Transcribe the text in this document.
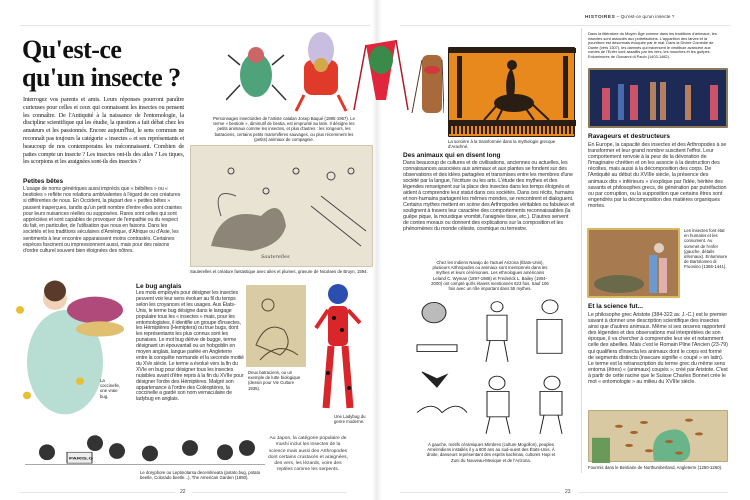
Qu'est-ce
qu'un insecte ?
Interrogez vos parents et amis. Leurs réponses pourront paraître curieuses pour celles et ceux qui connaissent les insectes ou pensent les connaître. De l'Antiquité à la naissance de l'entomologie, la discipline scientifique qui les étudie, la question a fait débat chez les amateurs et les passionnés. Encore aujourd'hui, le sens commun ne reconnaît pas toujours la catégorie « insectes » et ses représentants et beaucoup de nos contemporains les méconnaissent. Combien de pattes compte un insecte ? Les insectes ont-ils des ailes ? Les tiques, les scorpions et les araignées sont-ils des insectes ?
Petites bêtes
L'usage de noms génériques aussi imprécis que « bébêtes » ou « bestioles » reflète nos relations ambivalentes à l'égard de ces créatures si différentes de nous. En Occident, la plupart des « petites bêtes » passent inaperçues, tandis qu'un petit nombre d'entre elles sont craintes pour leurs nuisances réelles ou supposées. Rares sont celles qui sont appréciées et sont capables de provoquer de l'empathie ou du respect du fait, en particulier, de l'utilisation que nous en faisons. Dans les sociétés et les traditions séculaires d'Amérique, d'Afrique ou d'Asie, les sentiments à leur encontre apparaissent moins contrastés. Certaines espèces fascinent ou impressionnent aussi, mais pour des raisons d'ordre culturel souvent bien éloignées des nôtres.
Personnages insectoïdes de l'artiste catalan Josep Baqué (1895-1967). Le terme « bestiole », diminutif de bestia, est emprunté au latin. Il désigne les petits animaux comme les insectes, et plus d'autres : les rongeurs, les batraciens, certains petits mammifères sauvages, ou plus récemment les (petits) animaux de compagnie.
Sauterelles
Sauterelles et créature fantastique avec ailes et plumes, gravure de Nicolaes de Bruyn, 1594.
La coccinelle, une vraie bug.
Le bug anglais
Les mots employés pour désigner les insectes peuvent voir leur sens évoluer au fil du temps selon les croyances et les usages. Aux États-Unis, le terme bug désigne dans le langage populaire tous les « insectes » mais, pour les entomologistes, il identifie un groupe d'insectes, les Hémiptères (Hemiptera) ou true bugs, dont les représentants les plus connus sont les punaises. Le mot bug dérive de bugge, terme désignant un épouvantail ou un hobgoblin en moyen anglais, langue parlée en Angleterre entre la conquête normande et la seconde moitié du XVe siècle. Le terme a évolué vers la fin du XVIe en bug pour désigner tous les insectes nuisibles avant d'être repris à la fin du XVIIe pour désigner l'ordre des Hémiptères. Malgré son appartenance à l'ordre des Coléoptères, la coccinelle a gardé son nom vernaculaire de ladybug en anglais.
Deux batraciens, ou un exemple de lutte biologique (dessin pour Vie Culture 1935).
Une Ladybug du genre moderne.
PARIS.G
Le doryphore ou Leptinotarsa decemlineata (potato bug, potato beetle, Colorado beetle...), The American Garden (1880).
Au Japon, la catégorie populaire de mushi inclut les insectes de la science mais aussi des Arthropodes dont certains crustacés et araignées, des vers, les lézards, voire des reptiles comme les serpents.
22
HISTOIRES – Qu'est-ce qu'un insecte ?
La sorcière à la transformée dans la mythologie grecque d'Arachné.
Des animaux qui en disent long
Dans beaucoup de cultures et de civilisations, anciennes ou actuelles, les connaissances associées aux animaux et aux plantes se fondent sur des observations et des idées partagées et transmises entre les membres d'une société par la langue, l'écriture ou les arts. L'étude des mythes et des légendes renseignent sur la place des insectes dans les temps éloignés et aident à comprendre leur statut dans ces sociétés. Dans ces récits, humains et non-humains partagent les mêmes mondes, se rencontrent et dialoguent. Certains mythes mettent en scène des Arthropodes véritables ou fabuleux et soulignent à travers leur caractère des comportements reconnaissables (la guêpe pique, la moustique vrombit, l'araignée tisse, etc.). D'autres servent de contes moraux ou donnent des explications sur la composition et les phénomènes du monde céleste, cosmique ou terrestre.
Chez les Indiens Navajo de l'actuel Arizona (États-Unis), plusieurs Arthropodes ou animaux sont mentionnés dans les mythes et leurs cérémonies. Les ethnologues américains Leland C. Wyman (1897-1988) et Frederick L. Bailey (1904-2000) ont compté qu'ils étaient mentionnés 623 fois. Sauf 106 fois avec un rôle important dans 55 mythes.
À gauche, motifs céramiques Mimbres (culture Mogollon), peuples Amérindiens installés il y a 800 ans au sud-ouest des États-Unis. À droite, danseurs représentant des esprits kachinas, cultures Hopi et Zuni du Nouveau-Mexique et de l'Arizona.
Dans la littérature du Moyen Âge comme dans les traditions d'animaux, les insectes sont associés aux putréfactions. L'apparition des larves et la pourriture est désormais évoquée par le mal. Dans la Divine Comédie de Dante (vers 1307), les damnés qui traversent le vestibule avancent aux cordes de l'Enfer sont assaillis par les vers, les mouches et les guêpes. Enluminures de Giovanni di Paolo (1403-1482).
Ravageurs et destructeurs
En Europe, la capacité des insectes et des Arthropodes à se transformer et leur grand nombre suscitent l'effroi. Leur comportement renvoie à la peur de la dévoration de l'imaginaire chrétien et on les associe à la destruction des récoltes, mais aussi à la décomposition des corps. De l'Antiquité au début du XVIIIe siècle, la présence des animaux dits « inférieurs » s'explique par l'idée, héritée des savants et philosophes grecs, de génération par putréfaction ou par corruption, ou la supposition que certains êtres sont engendrés par la décomposition des matières organiques mortes.
Les insectes font état en humains et les consument. Au sommet de l'enfer (gauche, détails infernaux). Enluminure de Bartolomeo di Fruosino (1366-1441).
Et la science fut...
Le philosophe grec Aristote (384-322 av. J.-C.) est le premier savant à donner une description scientifique des insectes ainsi que d'autres animaux. Même si ses œuvres rapportent des légendes et des observations mal interprétées de son époque, il va chercher à comprendre leur vie et notamment celle des abeilles. Mais c'est le Romain Pline l'Ancien (23-79) qui qualifiera d'insecta les animaux dont le corps est formé de segments distincts (insecare signifie « coupé » en latin). Le terme est la retranscription du terme grec du même sens entoma (êtres) « (animaux) coupés », créé par Aristote. C'est à partir de cette racine que le Suisse Charles Bonnet crée le mot « entomologie » au milieu du XVIIIe siècle.
Fourmis dans le Bestiaire de Northumberland, Angleterre (1250-1260).
23
